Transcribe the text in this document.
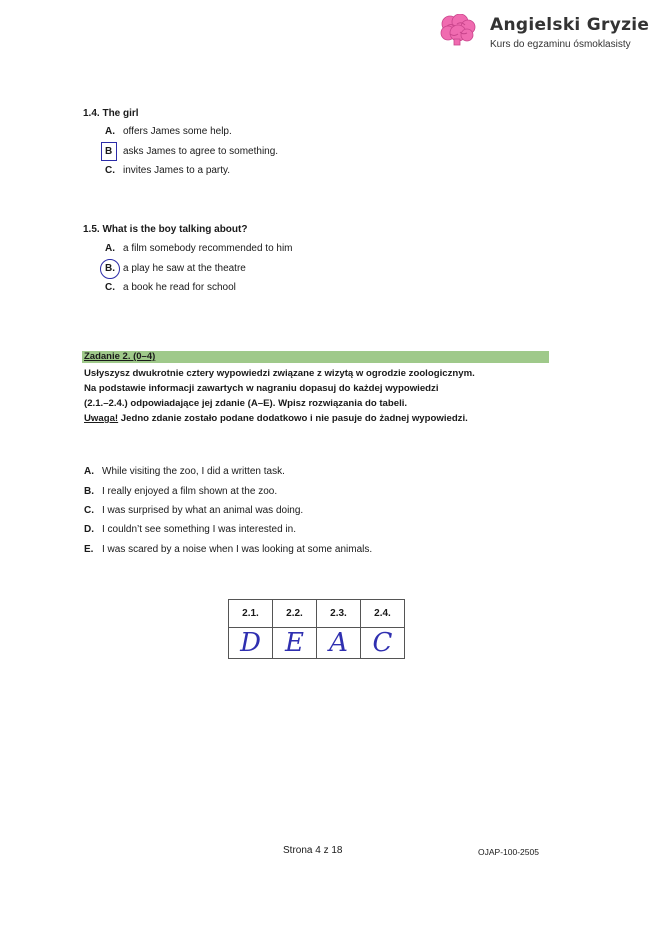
Angielski Gryzie
Kurs do egzaminu ósmoklasisty
1.4. The girl
A. offers James some help.
B asks James to agree to something.
C. invites James to a party.
1.5. What is the boy talking about?
A. a film somebody recommended to him
B. a play he saw at the theatre
C. a book he read for school
Zadanie 2. (0–4)
Usłyszysz dwukrotnie cztery wypowiedzi związane z wizytą w ogrodzie zoologicznym.
Na podstawie informacji zawartych w nagraniu dopasuj do każdej wypowiedzi
(2.1.–2.4.) odpowiadające jej zdanie (A–E). Wpisz rozwiązania do tabeli.
Uwaga! Jedno zdanie zostało podane dodatkowo i nie pasuje do żadnej wypowiedzi.
A. While visiting the zoo, I did a written task.
B. I really enjoyed a film shown at the zoo.
C. I was surprised by what an animal was doing.
D. I couldn’t see something I was interested in.
E. I was scared by a noise when I was looking at some animals.
2.1.	2.2.	2.3.	2.4.
D	E	A	C
Strona 4 z 18	OJAP-100-2505
